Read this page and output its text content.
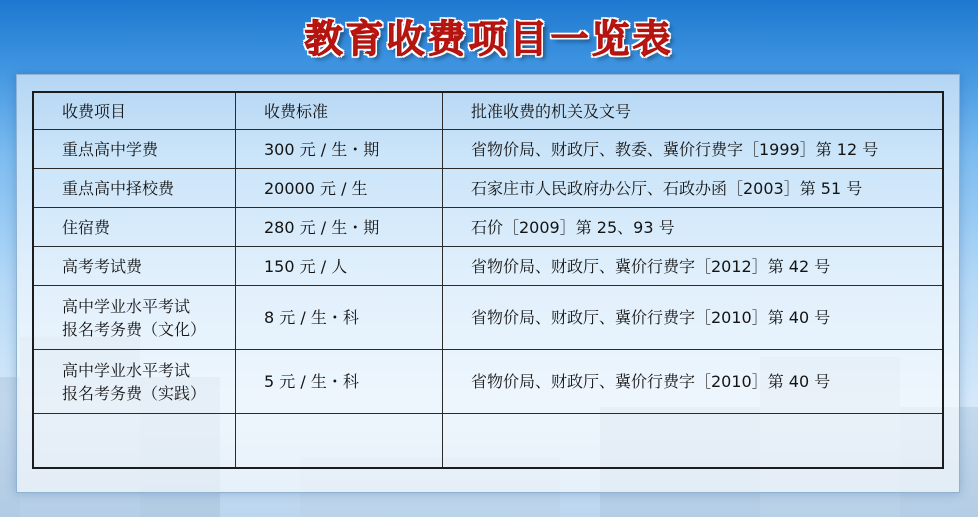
教育收费项目一览表
收费项目	收费标准	批准收费的机关及文号
重点高中学费	300 元 / 生・期	省物价局、财政厅、教委、冀价行费字［1999］第 12 号
重点高中择校费	20000 元 / 生	石家庄市人民政府办公厅、石政办函［2003］第 51 号
住宿费	280 元 / 生・期	石价［2009］第 25、93 号
高考考试费	150 元 / 人	省物价局、财政厅、冀价行费字［2012］第 42 号
高中学业水平考试
报名考务费（文化）	8 元 / 生・科	省物价局、财政厅、冀价行费字［2010］第 40 号
高中学业水平考试
报名考务费（实践）	5 元 / 生・科	省物价局、财政厅、冀价行费字［2010］第 40 号
